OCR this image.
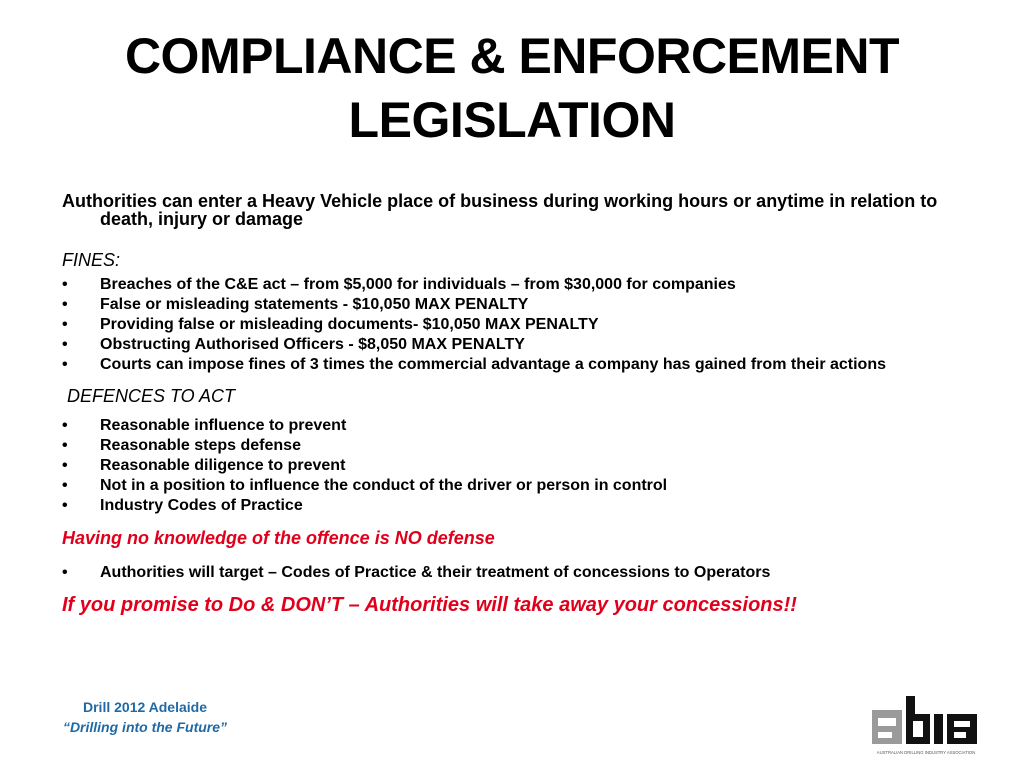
COMPLIANCE & ENFORCEMENT
LEGISLATION

Authorities can enter a Heavy Vehicle place of business during working hours or anytime in relation to death, injury or damage

FINES:

• Breaches of the C&E act – from $5,000 for individuals – from $30,000 for companies
• False or misleading statements - $10,050 MAX PENALTY
• Providing false or misleading documents- $10,050 MAX PENALTY
• Obstructing Authorised Officers - $8,050 MAX PENALTY
• Courts can impose fines of 3 times the commercial advantage a company has gained from their actions

DEFENCES TO ACT

• Reasonable influence to prevent
• Reasonable steps defense
• Reasonable diligence to prevent
• Not in a position to influence the conduct of the driver or person in control
• Industry Codes of Practice

Having no knowledge of the offence is NO defense

• Authorities will target – Codes of Practice & their treatment of concessions to Operators

If you promise to Do & DON’T – Authorities will take away your concessions!!

Drill 2012 Adelaide
“Drilling into the Future”
AUSTRALIAN DRILLING INDUSTRY ASSOCIATION
